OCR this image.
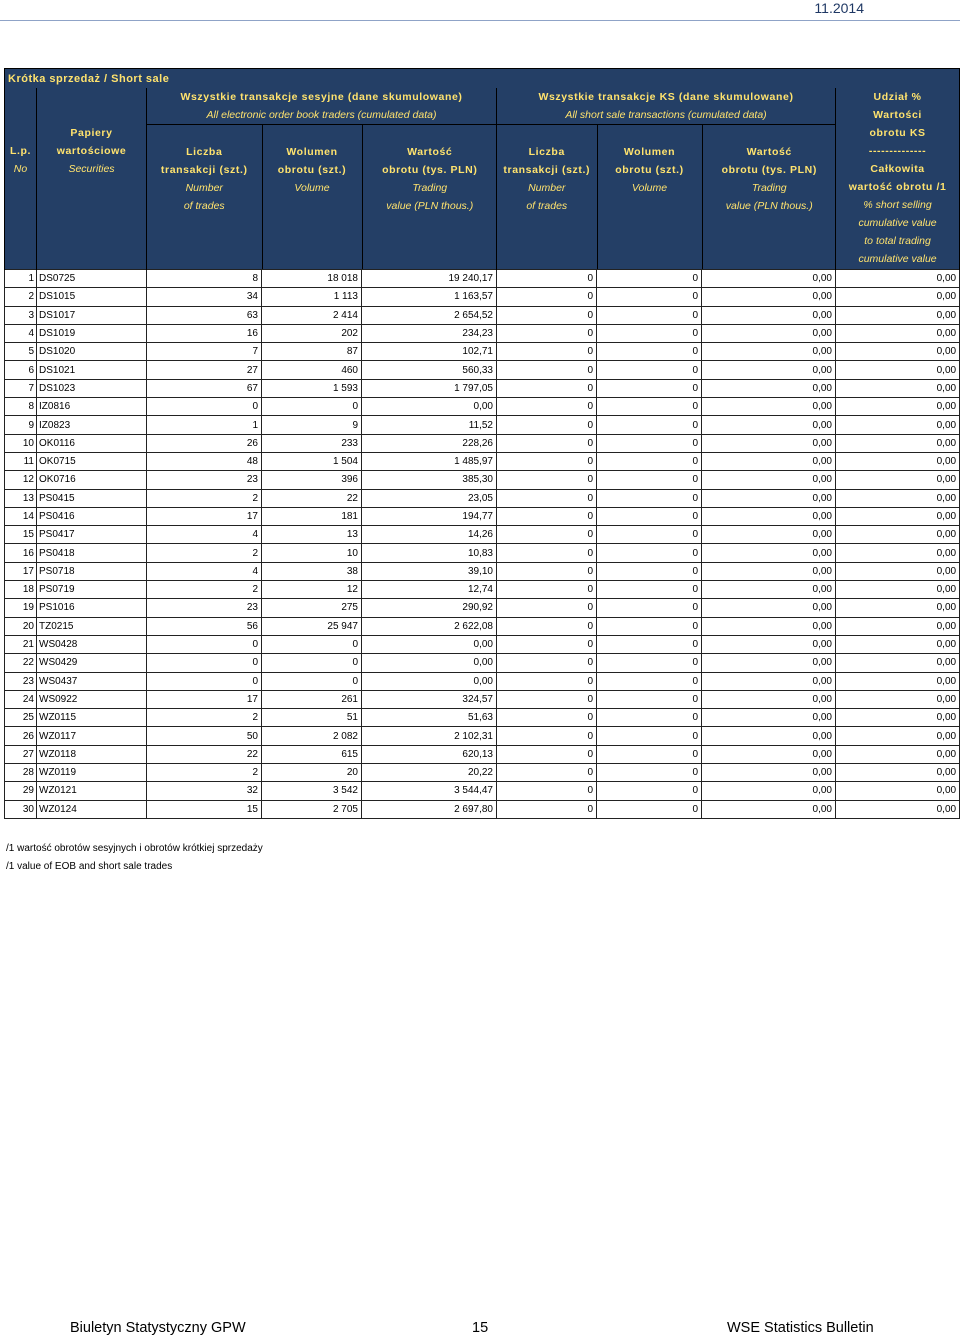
11.2014
Krótka sprzedaż / Short sale

L.p.
No

Papiery
wartościowe
Securities

Wszystkie transakcje sesyjne (dane skumulowane)
All electronic order book traders (cumulated data)
Liczba
transakcji (szt.)
Number
of trades

Wolumen
obrotu (szt.)
Volume

Wartość
obrotu (tys. PLN)
Trading
value (PLN thous.)

Wszystkie transakcje KS (dane skumulowane)
All short sale transactions (cumulated data)
Liczba
transakcji (szt.)
Number
of trades

Wolumen
obrotu (szt.)
Volume

Wartość
obrotu (tys. PLN)
Trading
value (PLN thous.)

Udział %
Wartości
obrotu KS
--------------
Całkowita
wartość obrotu /1
% short selling
cumulative value
to total trading
cumulative value

1	DS0725	8	18 018	19 240,17	0	0	0,00	0,00
2	DS1015	34	1 113	1 163,57	0	0	0,00	0,00
3	DS1017	63	2 414	2 654,52	0	0	0,00	0,00
4	DS1019	16	202	234,23	0	0	0,00	0,00
5	DS1020	7	87	102,71	0	0	0,00	0,00
6	DS1021	27	460	560,33	0	0	0,00	0,00
7	DS1023	67	1 593	1 797,05	0	0	0,00	0,00
8	IZ0816	0	0	0,00	0	0	0,00	0,00
9	IZ0823	1	9	11,52	0	0	0,00	0,00
10	OK0116	26	233	228,26	0	0	0,00	0,00
11	OK0715	48	1 504	1 485,97	0	0	0,00	0,00
12	OK0716	23	396	385,30	0	0	0,00	0,00
13	PS0415	2	22	23,05	0	0	0,00	0,00
14	PS0416	17	181	194,77	0	0	0,00	0,00
15	PS0417	4	13	14,26	0	0	0,00	0,00
16	PS0418	2	10	10,83	0	0	0,00	0,00
17	PS0718	4	38	39,10	0	0	0,00	0,00
18	PS0719	2	12	12,74	0	0	0,00	0,00
19	PS1016	23	275	290,92	0	0	0,00	0,00
20	TZ0215	56	25 947	2 622,08	0	0	0,00	0,00
21	WS0428	0	0	0,00	0	0	0,00	0,00
22	WS0429	0	0	0,00	0	0	0,00	0,00
23	WS0437	0	0	0,00	0	0	0,00	0,00
24	WS0922	17	261	324,57	0	0	0,00	0,00
25	WZ0115	2	51	51,63	0	0	0,00	0,00
26	WZ0117	50	2 082	2 102,31	0	0	0,00	0,00
27	WZ0118	22	615	620,13	0	0	0,00	0,00
28	WZ0119	2	20	20,22	0	0	0,00	0,00
29	WZ0121	32	3 542	3 544,47	0	0	0,00	0,00
30	WZ0124	15	2 705	2 697,80	0	0	0,00	0,00
/1 wartość obrotów sesyjnych i obrotów krótkiej sprzedaży
/1 value of EOB and short sale trades
Biuletyn Statystyczny GPW	15	WSE Statistics Bulletin
